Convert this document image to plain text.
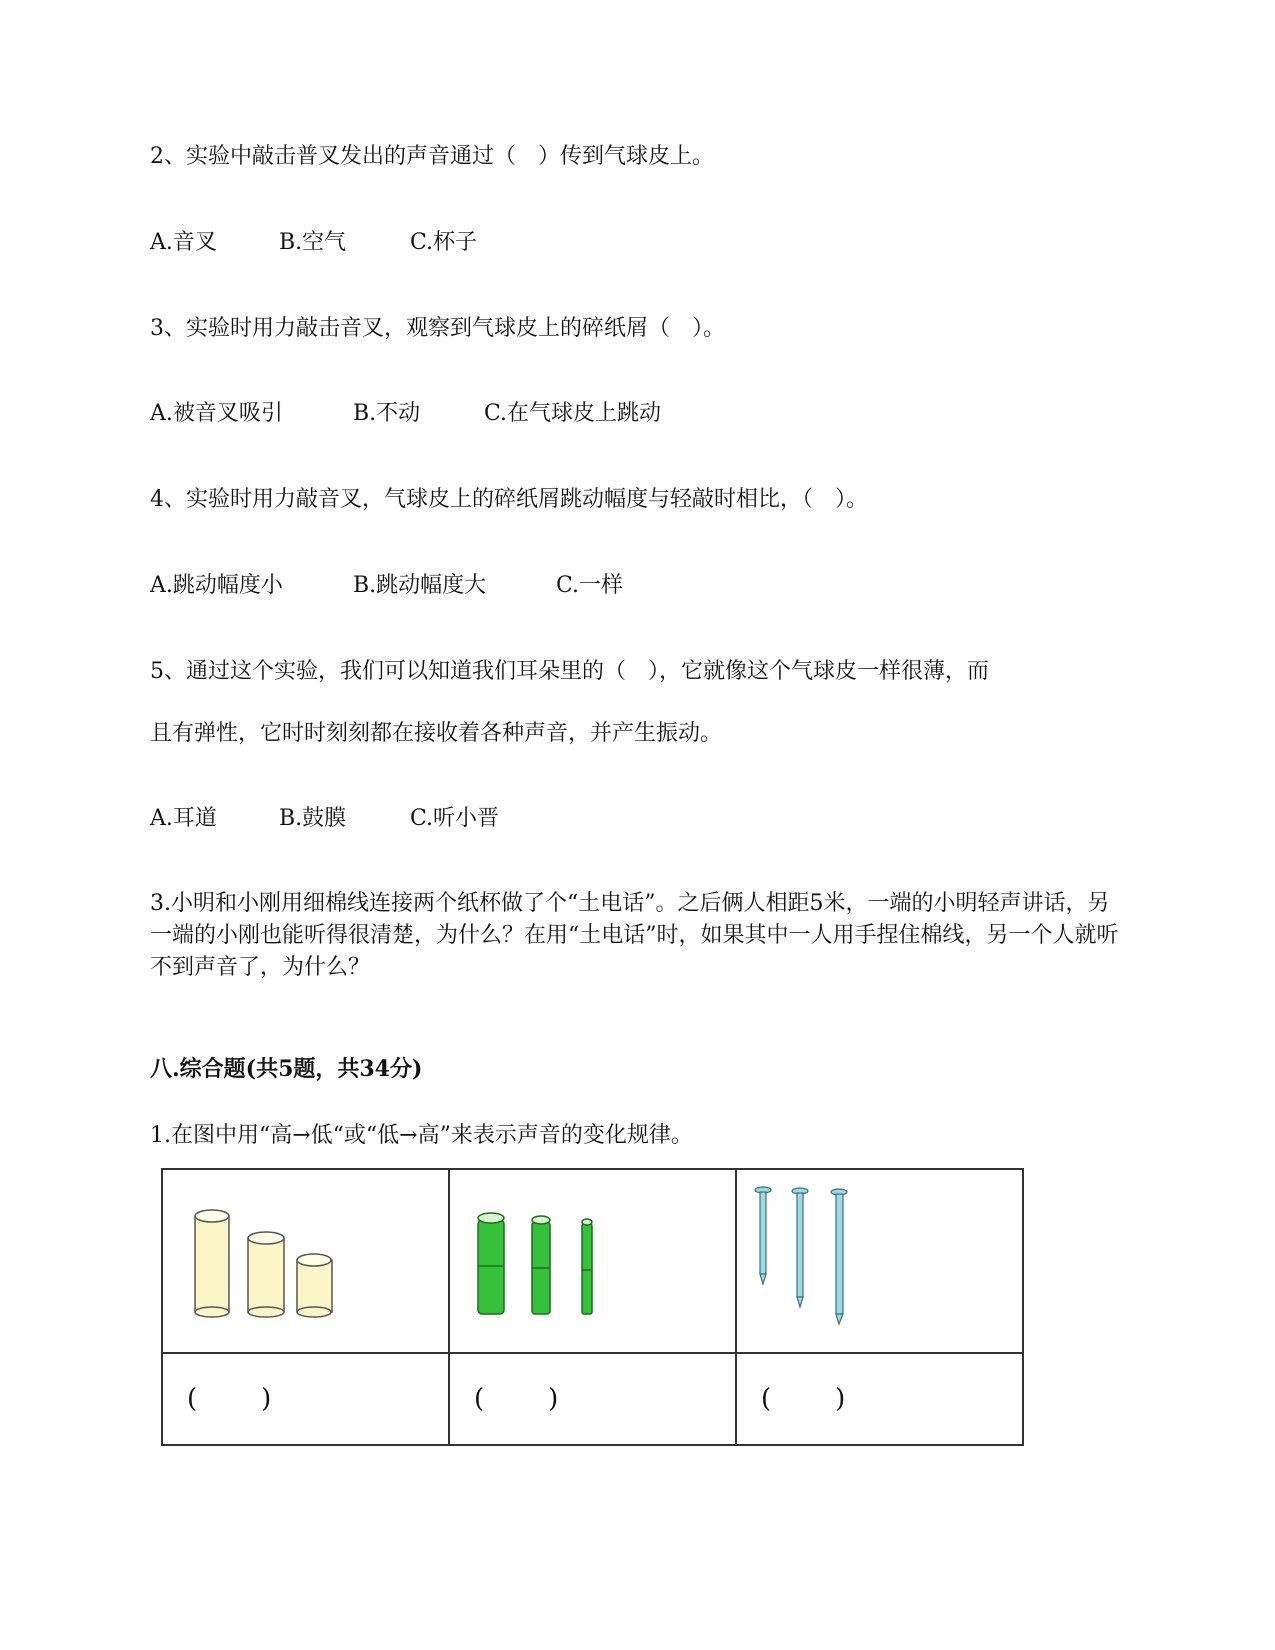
2、实验中敲击普叉发出的声音通过（　）传到气球皮上。
A.音叉	B.空气	C.杯子
3、实验时用力敲击音叉，观察到气球皮上的碎纸屑（　）。
A.被音叉吸引	B.不动	C.在气球皮上跳动
4、实验时用力敲音叉，气球皮上的碎纸屑跳动幅度与轻敲时相比，（　）。
A.跳动幅度小	B.跳动幅度大	C.一样
5、通过这个实验，我们可以知道我们耳朵里的（　），它就像这个气球皮一样很薄，而
且有弹性，它时时刻刻都在接收着各种声音，并产生振动。
A.耳道	B.鼓膜	C.听小晋
3.小明和小刚用细棉线连接两个纸杯做了个“土电话”。之后俩人相距5米，一端的小明轻声讲话，另一端的小刚也能听得很清楚，为什么？在用“土电话”时，如果其中一人用手捏住棉线，另一个人就听不到声音了，为什么？
八.综合题(共5题，共34分)
1.在图中用“高→低“或“低→高”来表示声音的变化规律。

( )	( )	( )
